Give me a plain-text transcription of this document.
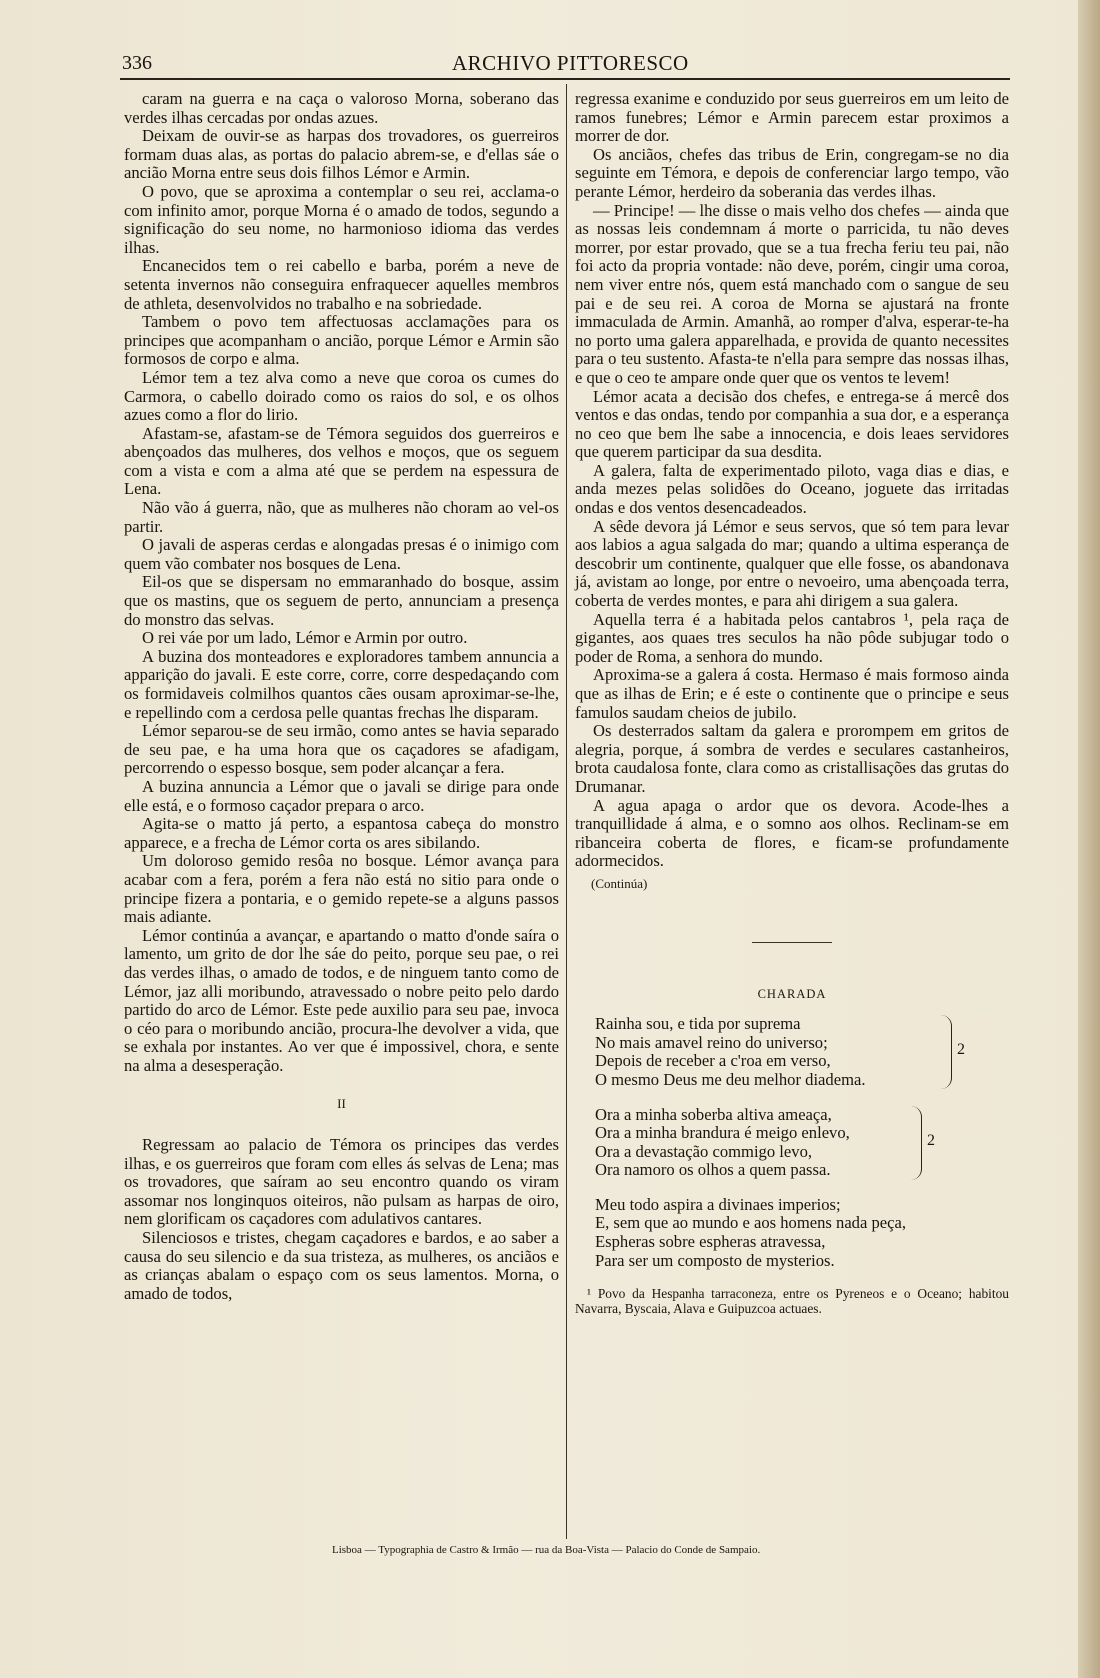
336	ARCHIVO PITTORESCO

caram na guerra e na caça o valoroso Morna, soberano das verdes ilhas cercadas por ondas azues.

Deixam de ouvir-se as harpas dos trovadores, os guerreiros formam duas alas, as portas do palacio abrem-se, e d'ellas sáe o ancião Morna entre seus dois filhos Lémor e Armin.

O povo, que se aproxima a contemplar o seu rei, acclama-o com infinito amor, porque Morna é o amado de todos, segundo a significação do seu nome, no harmonioso idioma das verdes ilhas.

Encanecidos tem o rei cabello e barba, porém a neve de setenta invernos não conseguira enfraquecer aquelles membros de athleta, desenvolvidos no trabalho e na sobriedade.

Tambem o povo tem affectuosas acclamações para os principes que acompanham o ancião, porque Lémor e Armin são formosos de corpo e alma.

Lémor tem a tez alva como a neve que coroa os cumes do Carmora, o cabello doirado como os raios do sol, e os olhos azues como a flor do lirio.

Afastam-se, afastam-se de Témora seguidos dos guerreiros e abençoados das mulheres, dos velhos e moços, que os seguem com a vista e com a alma até que se perdem na espessura de Lena.

Não vão á guerra, não, que as mulheres não choram ao vel-os partir.

O javali de asperas cerdas e alongadas presas é o inimigo com quem vão combater nos bosques de Lena.

Eil-os que se dispersam no emmaranhado do bosque, assim que os mastins, que os seguem de perto, annunciam a presença do monstro das selvas.

O rei váe por um lado, Lémor e Armin por outro.

A buzina dos monteadores e exploradores tambem annuncia a apparição do javali. E este corre, corre, corre despedaçando com os formidaveis colmilhos quantos cães ousam aproximar-se-lhe, e repellindo com a cerdosa pelle quantas frechas lhe disparam.

Lémor separou-se de seu irmão, como antes se havia separado de seu pae, e ha uma hora que os caçadores se afadigam, percorrendo o espesso bosque, sem poder alcançar a fera.

A buzina annuncia a Lémor que o javali se dirige para onde elle está, e o formoso caçador prepara o arco.

Agita-se o matto já perto, a espantosa cabeça do monstro apparece, e a frecha de Lémor corta os ares sibilando.

Um doloroso gemido resôa no bosque. Lémor avança para acabar com a fera, porém a fera não está no sitio para onde o principe fizera a pontaria, e o gemido repete-se a alguns passos mais adiante.

Lémor continúa a avançar, e apartando o matto d'onde saíra o lamento, um grito de dor lhe sáe do peito, porque seu pae, o rei das verdes ilhas, o amado de todos, e de ninguem tanto como de Lémor, jaz alli moribundo, atravessado o nobre peito pelo dardo partido do arco de Lémor. Este pede auxilio para seu pae, invoca o céo para o moribundo ancião, procura-lhe devolver a vida, que se exhala por instantes. Ao ver que é impossivel, chora, e sente na alma a desesperação.

II

Regressam ao palacio de Témora os principes das verdes ilhas, e os guerreiros que foram com elles ás selvas de Lena; mas os trovadores, que saíram ao seu encontro quando os viram assomar nos longinquos oiteiros, não pulsam as harpas de oiro, nem glorificam os caçadores com adulativos cantares.

Silenciosos e tristes, chegam caçadores e bardos, e ao saber a causa do seu silencio e da sua tristeza, as mulheres, os anciãos e as crianças abalam o espaço com os seus lamentos. Morna, o amado de todos,

regressa exanime e conduzido por seus guerreiros em um leito de ramos funebres; Lémor e Armin parecem estar proximos a morrer de dor.

Os anciãos, chefes das tribus de Erin, congregam-se no dia seguinte em Témora, e depois de conferenciar largo tempo, vão perante Lémor, herdeiro da soberania das verdes ilhas.

— Principe! — lhe disse o mais velho dos chefes — ainda que as nossas leis condemnam á morte o parricida, tu não deves morrer, por estar provado, que se a tua frecha feriu teu pai, não foi acto da propria vontade: não deve, porém, cingir uma coroa, nem viver entre nós, quem está manchado com o sangue de seu pai e de seu rei. A coroa de Morna se ajustará na fronte immaculada de Armin. Amanhã, ao romper d'alva, esperar-te-ha no porto uma galera apparelhada, e provida de quanto necessites para o teu sustento. Afasta-te n'ella para sempre das nossas ilhas, e que o ceo te ampare onde quer que os ventos te levem!

Lémor acata a decisão dos chefes, e entrega-se á mercê dos ventos e das ondas, tendo por companhia a sua dor, e a esperança no ceo que bem lhe sabe a innocencia, e dois leaes servidores que querem participar da sua desdita.

A galera, falta de experimentado piloto, vaga dias e dias, e anda mezes pelas solidões do Oceano, joguete das irritadas ondas e dos ventos desencadeados.

A sêde devora já Lémor e seus servos, que só tem para levar aos labios a agua salgada do mar; quando a ultima esperança de descobrir um continente, qualquer que elle fosse, os abandonava já, avistam ao longe, por entre o nevoeiro, uma abençoada terra, coberta de verdes montes, e para ahi dirigem a sua galera.

Aquella terra é a habitada pelos cantabros ¹, pela raça de gigantes, aos quaes tres seculos ha não pôde subjugar todo o poder de Roma, a senhora do mundo.

Aproxima-se a galera á costa. Hermaso é mais formoso ainda que as ilhas de Erin; e é este o continente que o principe e seus famulos saudam cheios de jubilo.

Os desterrados saltam da galera e prorompem em gritos de alegria, porque, á sombra de verdes e seculares castanheiros, brota caudalosa fonte, clara como as cristallisações das grutas do Drumanar.

A agua apaga o ardor que os devora. Acode-lhes a tranquillidade á alma, e o somno aos olhos. Reclinam-se em ribanceira coberta de flores, e ficam-se profundamente adormecidos.

(Continúa)
CHARADA
Rainha sou, e tida por suprema
No mais amavel reino do universo;
Depois de receber a c'roa em verso,
O mesmo Deus me deu melhor diadema.
2
Ora a minha soberba altiva ameaça,
Ora a minha brandura é meigo enlevo,
Ora a devastação commigo levo,
Ora namoro os olhos a quem passa.
2
Meu todo aspira a divinaes imperios;
E, sem que ao mundo e aos homens nada peça,
Espheras sobre espheras atravessa,
Para ser um composto de mysterios.
¹ Povo da Hespanha tarraconeza, entre os Pyreneos e o Oceano; habitou Navarra, Byscaia, Alava e Guipuzcoa actuaes.
Lisboa — Typographia de Castro & Irmão — rua da Boa-Vista — Palacio do Conde de Sampaio.
